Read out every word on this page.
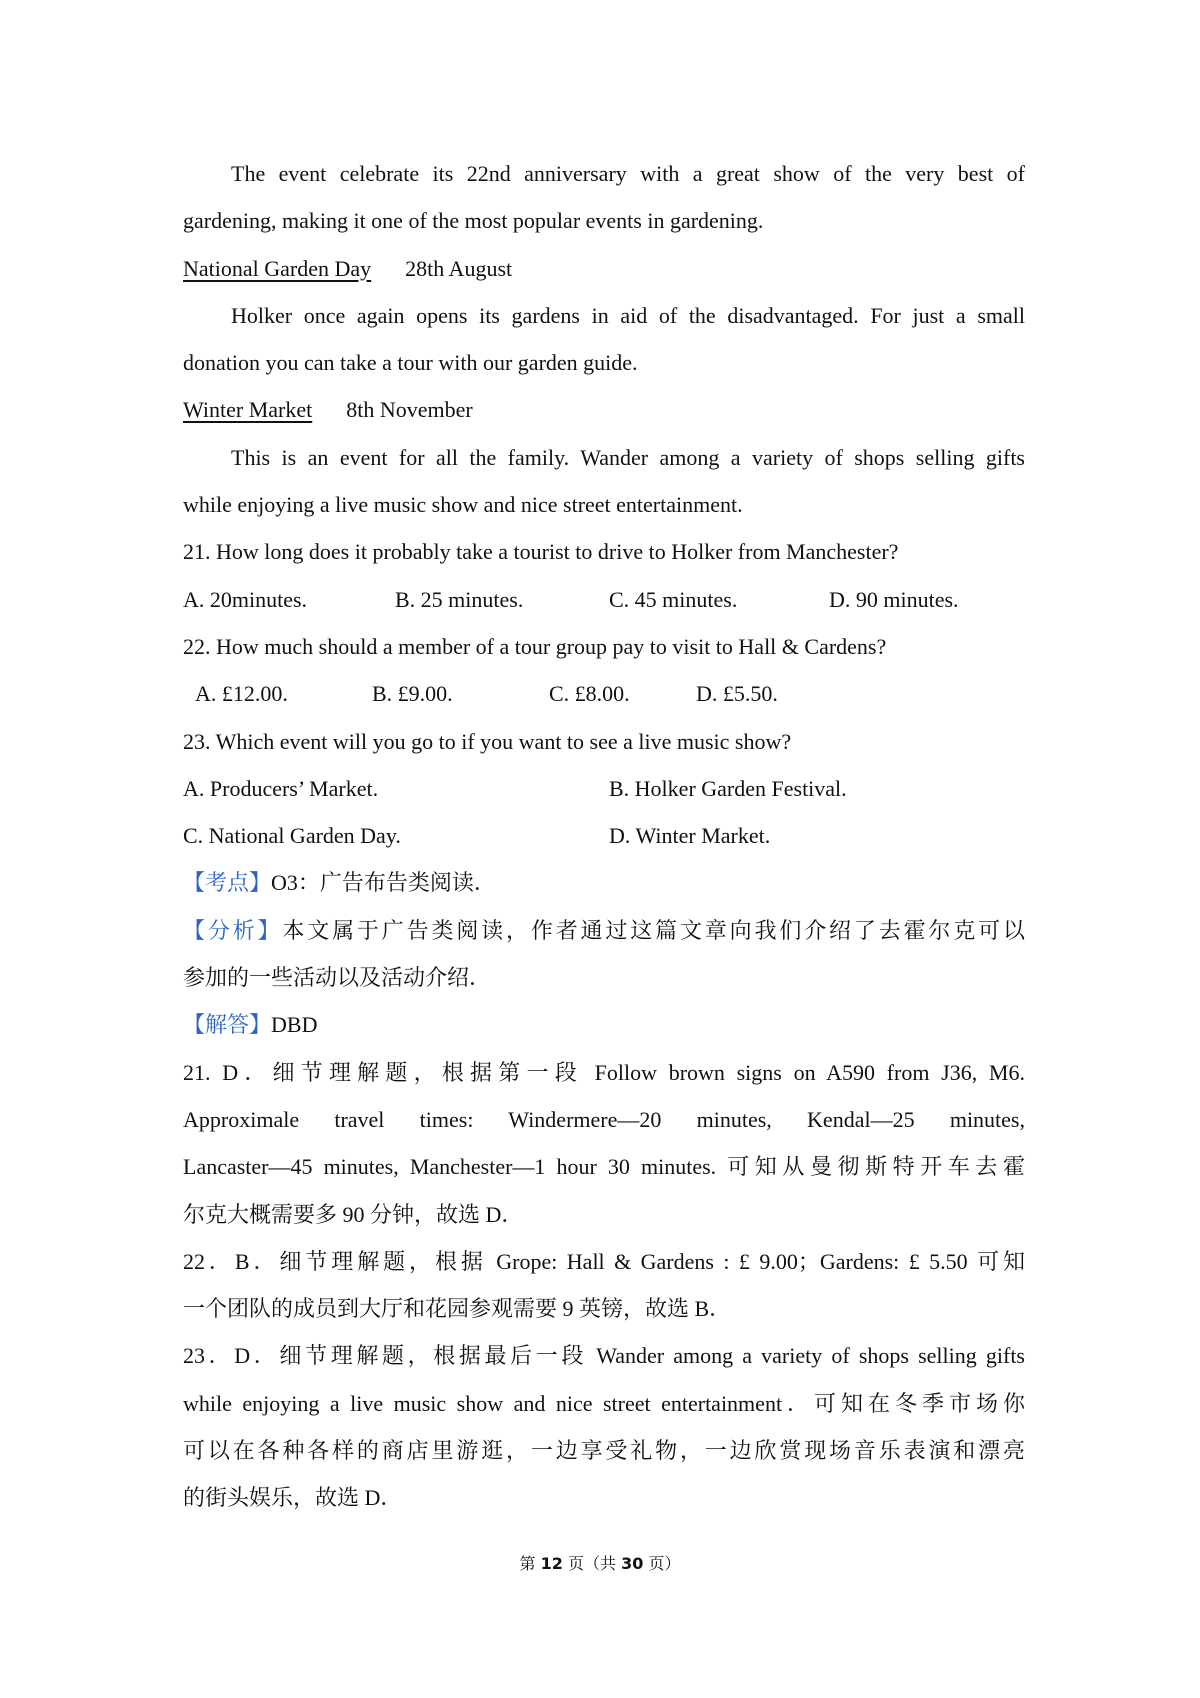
The event celebrate its 22nd anniversary with a great show of the very best of
gardening, making it one of the most popular events in gardening.
National Garden Day 28th August
Holker once again opens its gardens in aid of the disadvantaged. For just a small
donation you can take a tour with our garden guide.
Winter Market 8th November
This is an event for all the family. Wander among a variety of shops selling gifts
while enjoying a live music show and nice street entertainment.
21. How long does it probably take a tourist to drive to Holker from Manchester?
A. 20minutes.	B. 25 minutes.	C. 45 minutes.	D. 90 minutes.
22. How much should a member of a tour group pay to visit to Hall & Cardens?
A. £12.00.	B. £9.00.	C. £8.00.	D. £5.50.
23. Which event will you go to if you want to see a live music show?
A. Producers’ Market.	B. Holker Garden Festival.
C. National Garden Day.	D. Winter Market.
【考点】O3：广告布告类阅读．
【分析】本文属于广告类阅读，作者通过这篇文章向我们介绍了去霍尔克可以
参加的一些活动以及活动介绍．
【解答】DBD
21. D．细节理解题，根据第一段 Follow brown signs on A590 from J36, M6.
Approximale travel times: Windermere—20 minutes, Kendal—25 minutes,
Lancaster—45 minutes, Manchester—1 hour 30 minutes. 可知从曼彻斯特开车去霍
尔克大概需要多 90 分钟，故选 D．
22．B．细节理解题，根据 Grope: Hall & Gardens : £ 9.00；Gardens: £ 5.50 可知
一个团队的成员到大厅和花园参观需要 9 英镑，故选 B．
23．D．细节理解题，根据最后一段 Wander among a variety of shops selling gifts
while enjoying a live music show and nice street entertainment．可知在冬季市场你
可以在各种各样的商店里游逛，一边享受礼物，一边欣赏现场音乐表演和漂亮
的街头娱乐，故选 D．
第 12 页（共 30 页）
